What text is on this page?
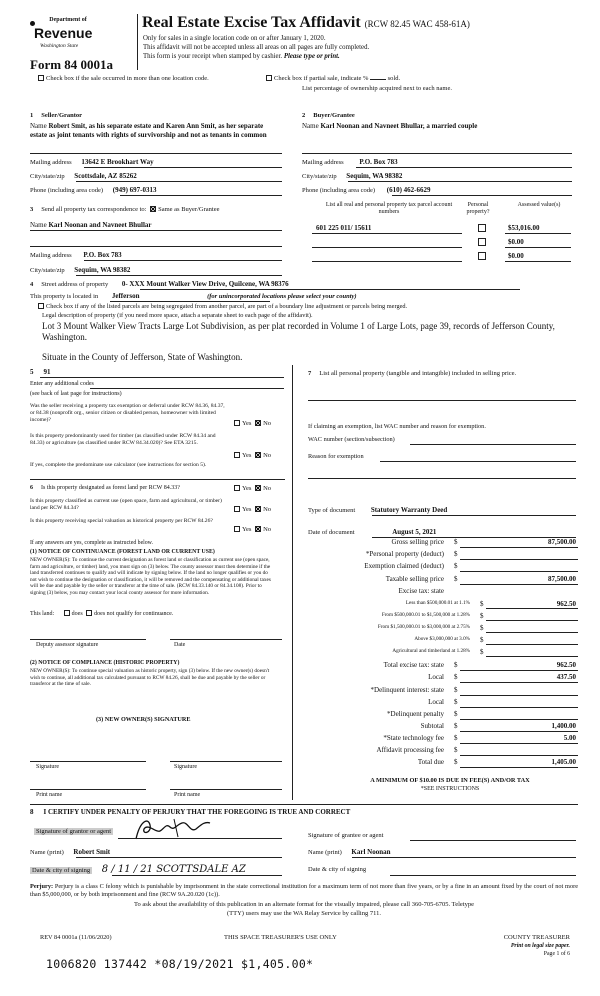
Department of
Revenue
Washington State
Form 84 0001a
Real Estate Excise Tax Affidavit (RCW 82.45 WAC 458-61A)
Only for sales in a single location code on or after January 1, 2020.
This affidavit will not be accepted unless all areas on all pages are fully completed.
This form is your receipt when stamped by cashier. Please type or print.
Check box if the sale occurred in more than one location code.	Check box if partial sale, indicate %	sold.
List percentage of ownership acquired next to each name.
1 Seller/Grantor
Name Robert Smit, as his separate estate and Karen Ann Smit, as her separate estate as joint tenants with rights of survivorship and not as tenants in common
Mailing address 13642 E Brookhart Way
City/state/zip Scottsdale, AZ 85262
Phone (including area code) (949) 697-0313
2 Buyer/Grantee
Name Karl Noonan and Navneet Bhullar, a married couple
Mailing address P.O. Box 783
City/state/zip Sequim, WA 98382
Phone (including area code) (610) 462-6629
3 Send all property tax correspondence to: Same as Buyer/Grantee
Name Karl Noonan and Navneet Bhullar
Mailing address P.O. Box 783
City/state/zip Sequim, WA 98382
List all real and personal property tax parcel account numbers
Personal property?
Assessed value(s)
601 225 011/ 15611	$53,016.00
$0.00
$0.00
4 Street address of property 0- XXX Mount Walker View Drive, Quilcene, WA 98376
This property is located in Jefferson	(for unincorporated locations please select your county)
Check box if any of the listed parcels are being segregated from another parcel, are part of a boundary line adjustment or parcels being merged.
Legal description of property (if you need more space, attach a separate sheet to each page of the affidavit).
Lot 3 Mount Walker View Tracts Large Lot Subdivision, as per plat recorded in Volume 1 of Large Lots, page 39, records of Jefferson County, Washington.
Situate in the County of Jefferson, State of Washington.
5 91
Enter any additional codes
(see back of last page for instructions)
Was the seller receiving a property tax exemption or deferral under RCW 84.36, 84.37, or 84.38 (nonprofit org., senior citizen or disabled person, homeowner with limited income)?	Yes No
Is this property predominantly used for timber (as classified under RCW 84.34 and 84.33) or agriculture (as classified under RCW 84.34.020)? See ETA 3215.
Yes No
If yes, complete the predominate use calculator (see instructions for section 5).
6 Is this property designated as forest land per RCW 84.33?	Yes No
Is this property classified as current use (open space, farm and agricultural, or timber) land per RCW 84.34?	Yes No
Is this property receiving special valuation as historical property per RCW 84.26?
Yes No
If any answers are yes, complete as instructed below.
(1) NOTICE OF CONTINUANCE (FOREST LAND OR CURRENT USE)
NEW OWNER(S): To continue the current designation as forest land or classification as current use (open space, farm and agriculture, or timber) land, you must sign on (3) below. The county assessor must then determine if the land transferred continues to qualify and will indicate by signing below. If the land no longer qualifies or you do not wish to continue the designation or classification, it will be removed and the compensating or additional taxes will be due and payable by the seller or transferor at the time of sale. (RCW 84.33.140 or 84.34.108). Prior to signing (3) below, you may contact your local county assessor for more information.
This land:	does does not qualify for continuance.
Deputy assessor signature	Date
(2) NOTICE OF COMPLIANCE (HISTORIC PROPERTY)
NEW OWNER(S): To continue special valuation as historic property, sign (3) below. If the new owner(s) doesn't wish to continue, all additional tax calculated pursuant to RCW 84.26, shall be due and payable by the seller or transferor at the time of sale.
(3) NEW OWNER(S) SIGNATURE
Signature	Signature
Print name	Print name
7 List all personal property (tangible and intangible) included in selling price.
If claiming an exemption, list WAC number and reason for exemption.
WAC number (section/subsection)
Reason for exemption
Type of document Statutory Warranty Deed
Date of document	August 5, 2021
Gross selling price $	87,500.00
*Personal property (deduct) $
Exemption claimed (deduct) $
Taxable selling price $	87,500.00
Excise tax: state
Less than $500,000.01 at 1.1% $	962.50
From $500,000.01 to $1,500,000 at 1.28% $
From $1,500,000.01 to $3,000,000 at 2.75% $
Above $3,000,000 at 3.0% $
Agricultural and timberland at 1.28% $
Total excise tax: state $	962.50
Local $	437.50
*Delinquent interest: state $
Local $
*Delinquent penalty $
Subtotal $	1,400.00
*State technology fee $	5.00
Affidavit processing fee $
Total due $	1,405.00
A MINIMUM OF $10.00 IS DUE IN FEE(S) AND/OR TAX
*SEE INSTRUCTIONS
8 I CERTIFY UNDER PENALTY OF PERJURY THAT THE FOREGOING IS TRUE AND CORRECT
Signature of grantor or agent
Signature of grantee or agent
Name (print) Robert Smit	Name (print) Karl Noonan
Date & city of signing 8 / 11 / 21 SCOTTSDALE AZ	Date & city of signing
Perjury: Perjury is a class C felony which is punishable by imprisonment in the state correctional institution for a maximum term of not more than five years, or by a fine in an amount fixed by the court of not more than $5,000,000, or by both imprisonment and fine (RCW 9A.20.020 (1c)).
To ask about the availability of this publication in an alternate format for the visually impaired, please call 360-705-6705. Teletype
(TTY) users may use the WA Relay Service by calling 711.
REV 84 0001a (11/06/2020)	THIS SPACE TREASURER'S USE ONLY	COUNTY TREASURER
Print on legal size paper.
Page 1 of 6
1006820 137442 *08/19/2021 $1,405.00*
